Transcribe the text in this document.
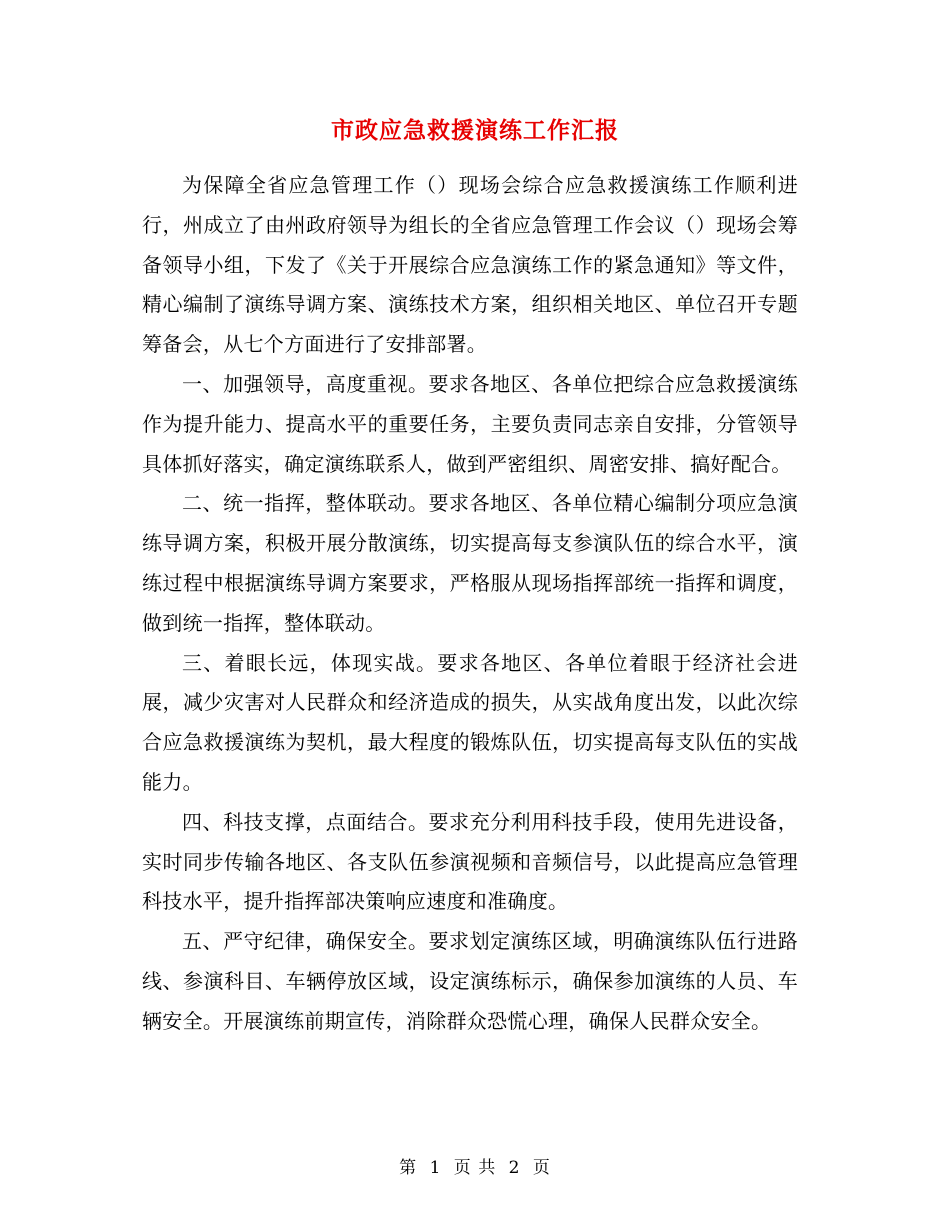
市政应急救援演练工作汇报

为保障全省应急管理工作（）现场会综合应急救援演练工作顺利进行，州成立了由州政府领导为组长的全省应急管理工作会议（）现场会筹备领导小组，下发了《关于开展综合应急演练工作的紧急通知》等文件，精心编制了演练导调方案、演练技术方案，组织相关地区、单位召开专题筹备会，从七个方面进行了安排部署。

一、加强领导，高度重视。要求各地区、各单位把综合应急救援演练作为提升能力、提高水平的重要任务，主要负责同志亲自安排，分管领导具体抓好落实，确定演练联系人，做到严密组织、周密安排、搞好配合。

二、统一指挥，整体联动。要求各地区、各单位精心编制分项应急演练导调方案，积极开展分散演练，切实提高每支参演队伍的综合水平，演练过程中根据演练导调方案要求，严格服从现场指挥部统一指挥和调度，做到统一指挥，整体联动。

三、着眼长远，体现实战。要求各地区、各单位着眼于经济社会进展，减少灾害对人民群众和经济造成的损失，从实战角度出发，以此次综合应急救援演练为契机，最大程度的锻炼队伍，切实提高每支队伍的实战能力。

四、科技支撑，点面结合。要求充分利用科技手段，使用先进设备，实时同步传输各地区、各支队伍参演视频和音频信号，以此提高应急管理科技水平，提升指挥部决策响应速度和准确度。

五、严守纪律，确保安全。要求划定演练区域，明确演练队伍行进路线、参演科目、车辆停放区域，设定演练标示，确保参加演练的人员、车辆安全。开展演练前期宣传，消除群众恐慌心理，确保人民群众安全。

第 1 页 共 2 页
